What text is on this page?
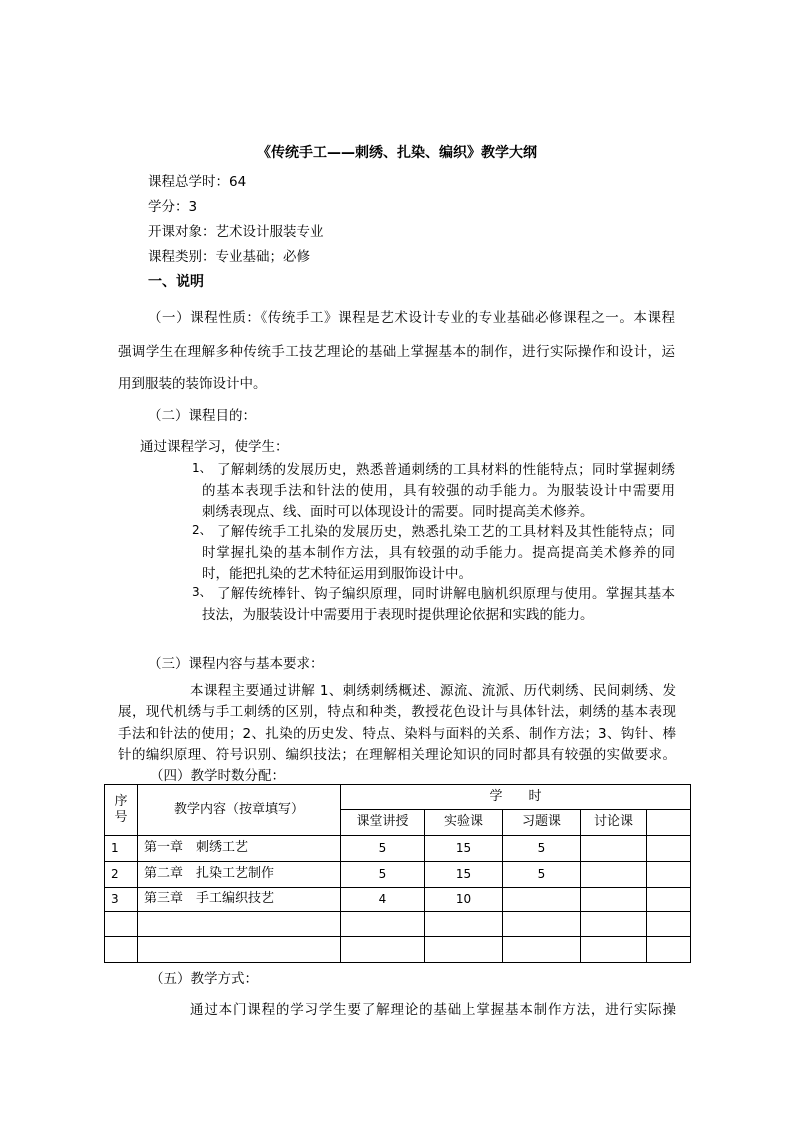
《传统手工——刺绣、扎染、编织》教学大纲
课程总学时：64
学分：3
开课对象：艺术设计服装专业
课程类别：专业基础；必修
一、说明
（一）课程性质：《传统手工》课程是艺术设计专业的专业基础必修课程之一。本课程
强调学生在理解多种传统手工技艺理论的基础上掌握基本的制作，进行实际操作和设计，运
用到服装的装饰设计中。
（二）课程目的：
通过课程学习，使学生：
1、 了解刺绣的发展历史，熟悉普通刺绣的工具材料的性能特点；同时掌握刺绣
的基本表现手法和针法的使用，具有较强的动手能力。为服装设计中需要用
刺绣表现点、线、面时可以体现设计的需要。同时提高美术修养。
2、 了解传统手工扎染的发展历史，熟悉扎染工艺的工具材料及其性能特点；同
时掌握扎染的基本制作方法，具有较强的动手能力。提高提高美术修养的同
时，能把扎染的艺术特征运用到服饰设计中。
3、 了解传统棒针、钩子编织原理，同时讲解电脑机织原理与使用。掌握其基本
技法，为服装设计中需要用于表现时提供理论依据和实践的能力。
（三）课程内容与基本要求：
本课程主要通过讲解 1、刺绣刺绣概述、源流、流派、历代刺绣、民间刺绣、发
展，现代机绣与手工刺绣的区别，特点和种类，教授花色设计与具体针法，刺绣的基本表现
手法和针法的使用；2、扎染的历史发、特点、染料与面料的关系、制作方法；3、钩针、棒
针的编织原理、符号识别、编织技法；在理解相关理论知识的同时都具有较强的实做要求。
（四）教学时数分配：
序号	教学内容（按章填写）	学　　时				
		课堂讲授	实验课	习题课	讨论课	
1	第一章　刺绣工艺	5	15	5		
2	第二章　扎染工艺制作	5	15	5		
3	第三章　手工编织技艺	4	10			

（五）教学方式：
通过本门课程的学习学生要了解理论的基础上掌握基本制作方法，进行实际操
